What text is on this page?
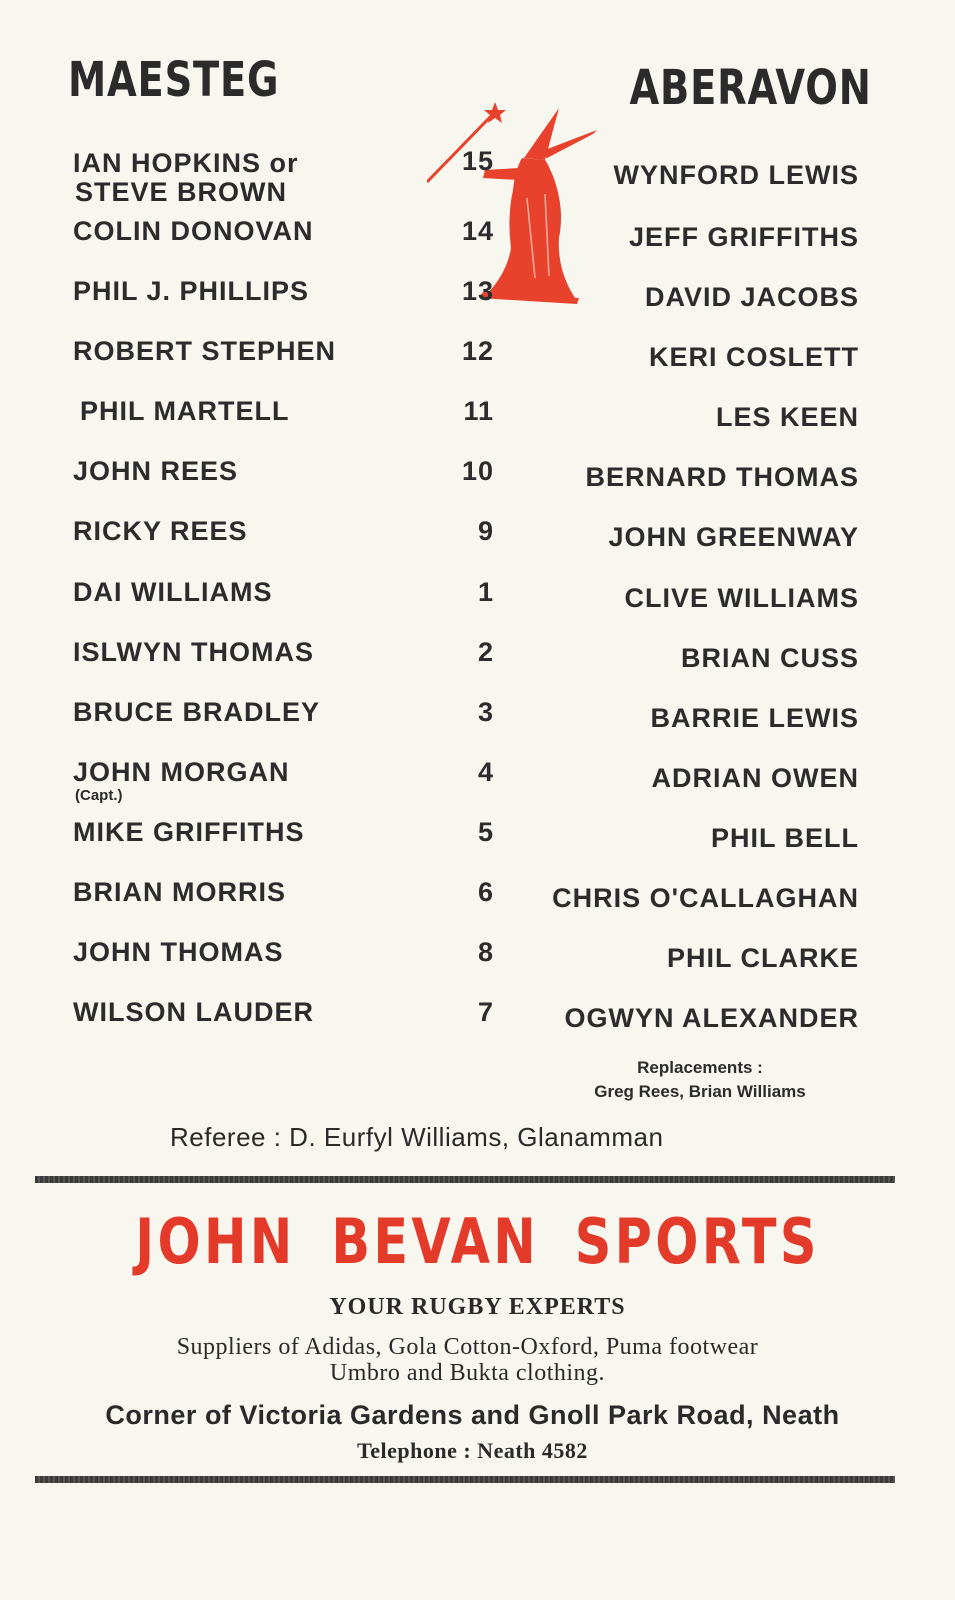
MAESTEG	ABERAVON
IAN HOPKINS or
STEVE BROWN
15	WYNFORD LEWIS
COLIN DONOVAN	14	JEFF GRIFFITHS
PHIL J. PHILLIPS	13	DAVID JACOBS
ROBERT STEPHEN	12	KERI COSLETT
PHIL MARTELL	11	LES KEEN
JOHN REES	10	BERNARD THOMAS
RICKY REES	9	JOHN GREENWAY
DAI WILLIAMS	1	CLIVE WILLIAMS
ISLWYN THOMAS	2	BRIAN CUSS
BRUCE BRADLEY	3	BARRIE LEWIS
JOHN MORGAN
(Capt.)
4	ADRIAN OWEN
MIKE GRIFFITHS	5	PHIL BELL
BRIAN MORRIS	6 CHRIS O'CALLAGHAN
JOHN THOMAS	8	PHIL CLARKE
WILSON LAUDER	7	OGWYN ALEXANDER
Replacements :
Greg Rees, Brian Williams
Referee : D. Eurfyl Williams, Glanamman
JOHN BEVAN SPORTS
YOUR RUGBY EXPERTS
Suppliers of Adidas, Gola Cotton-Oxford, Puma footwear
Umbro and Bukta clothing.
Corner of Victoria Gardens and Gnoll Park Road, Neath
Telephone : Neath 4582
